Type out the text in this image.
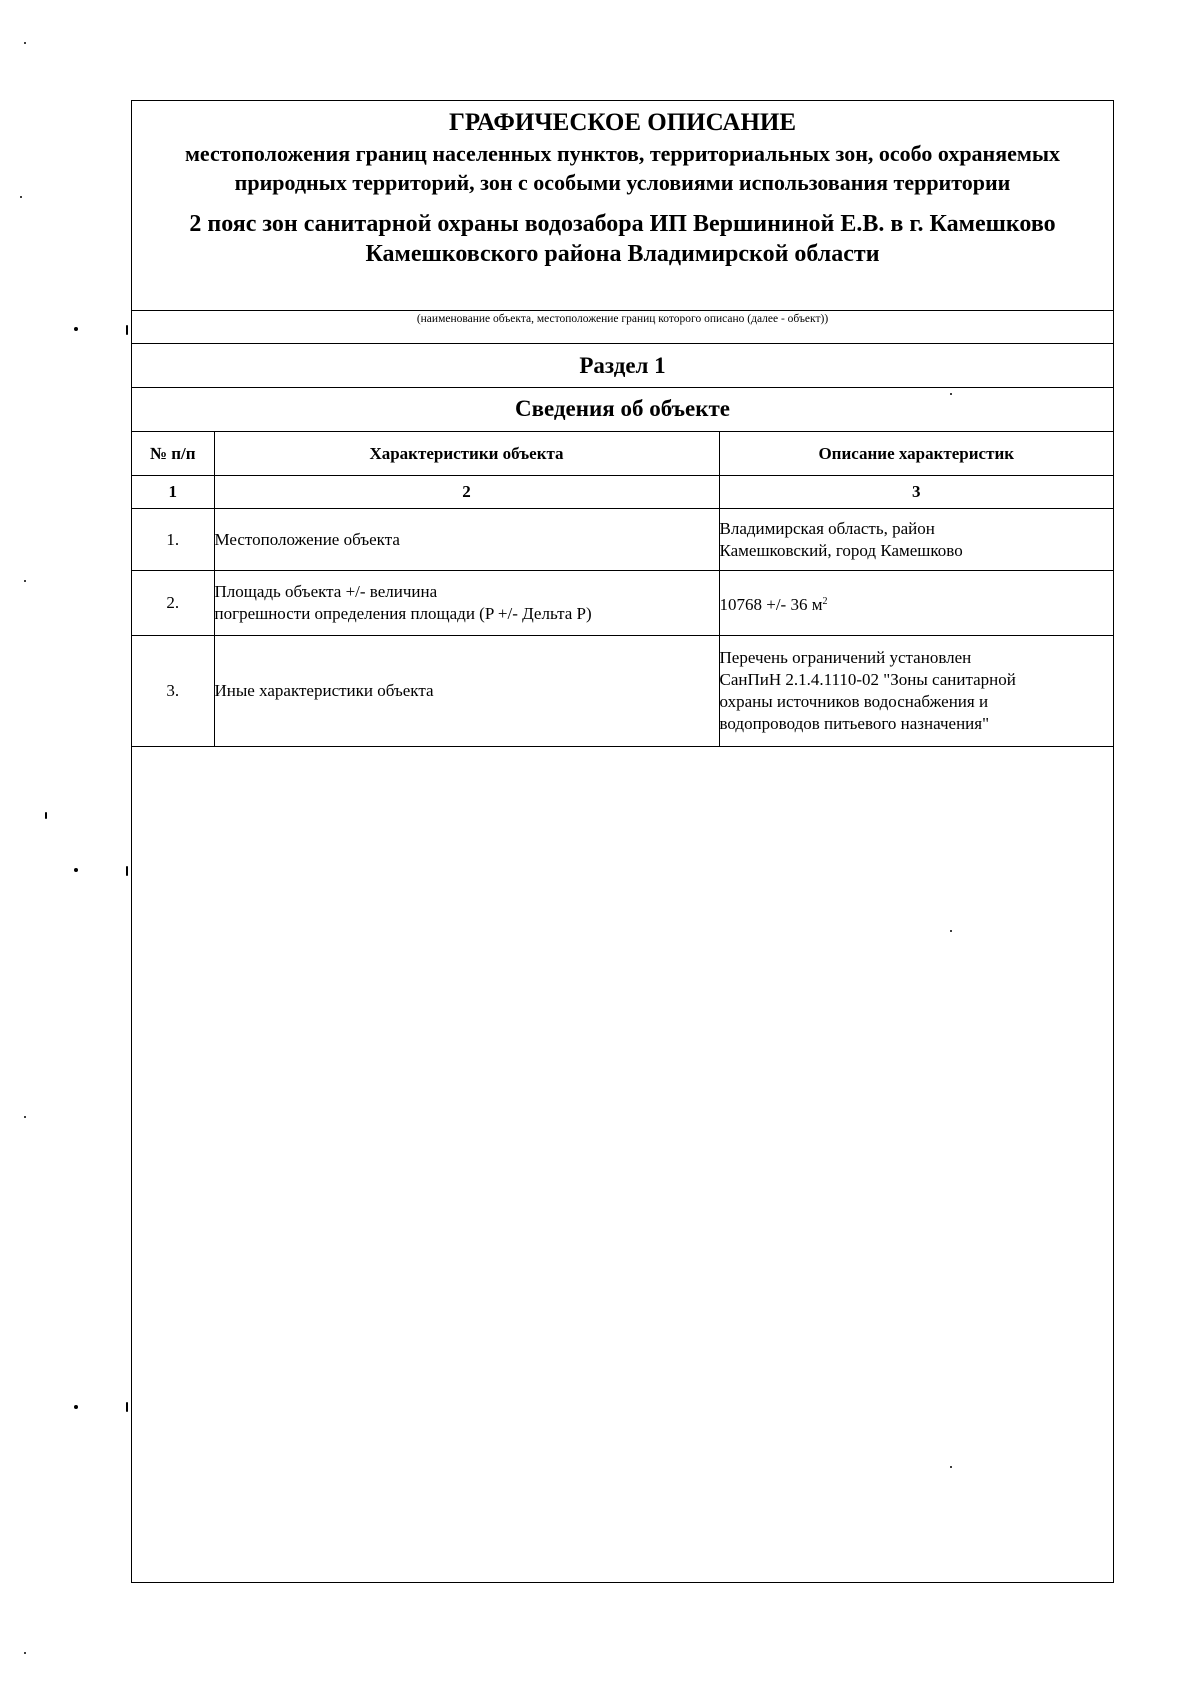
ГРАФИЧЕСКОЕ ОПИСАНИЕ
местоположения границ населенных пунктов, территориальных зон, особо охраняемых природных территорий, зон с особыми условиями использования территории
2 пояс зон санитарной охраны водозабора ИП Вершининой Е.В. в г. Камешково
Камешковского района Владимирской области
(наименование объекта, местоположение границ которого описано (далее - объект))
Раздел 1
Сведения об объекте
№ п/п	Характеристики объекта	Описание характеристик
1	2	3
1.	Местоположение объекта	Владимирская область, район
Камешковский, город Камешково

2.	Площадь объекта +/- величина
погрешности определения площади (P +/- Дельта P)	10768 +/- 36 $м^2$
3.	Иные характеристики объекта	Перечень ограничений установлен
СанПиН 2.1.4.1110-02 "Зоны санитарной
охраны источников водоснабжения и
водопроводов питьевого назначения"
